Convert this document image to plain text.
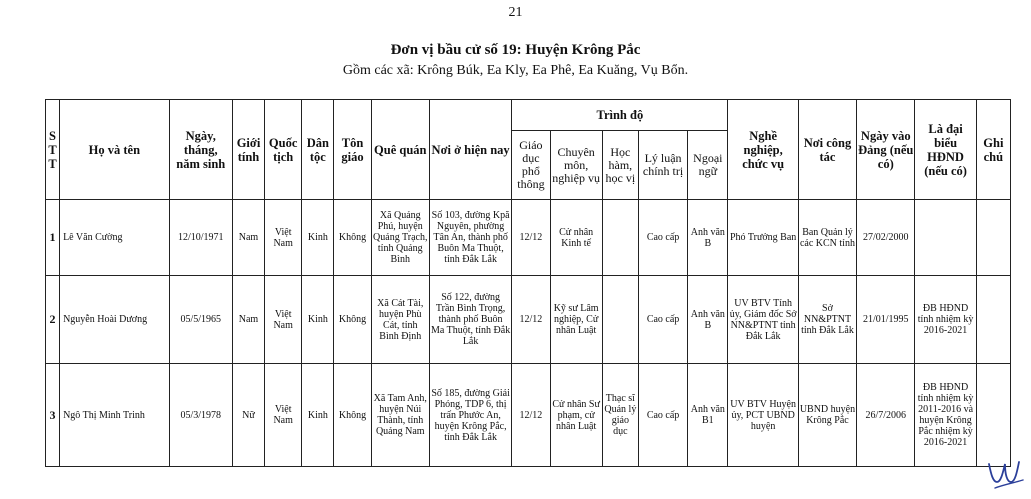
21
Đơn vị bầu cử số 19: Huyện Krông Pắc
Gồm các xã: Krông Búk, Ea Kly, Ea Phê, Ea Kuăng, Vụ Bổn.
STT	Họ và tên	Ngày, tháng, năm sinh	Giới tính	Quốc tịch	Dân tộc	Tôn giáo	Quê quán	Nơi ở hiện nay	Trình độ					Nghề nghiệp, chức vụ	Nơi công tác	Ngày vào Đảng (nếu có)	Là đại biểu HĐND (nếu có)	Ghi chú
									Giáo dục phổ thông	Chuyên môn, nghiệp vụ	Học hàm, học vị	Lý luận chính trị	Ngoại ngữ					
1	Lê Văn Cường	12/10/1971	Nam	Việt Nam	Kinh	Không	Xã Quảng Phú, huyện Quảng Trạch, tỉnh Quảng Bình	Số 103, đường Kpă Nguyên, phường Tân An, thành phố Buôn Ma Thuột, tỉnh Đắk Lắk	12/12	Cử nhân Kinh tế		Cao cấp	Anh văn B	Phó Trưởng Ban	Ban Quản lý các KCN tỉnh	27/02/2000		
2	Nguyễn Hoài Dương	05/5/1965	Nam	Việt Nam	Kinh	Không	Xã Cát Tài, huyện Phù Cát, tỉnh Bình Định	Số 122, đường Trần Bình Trọng, thành phố Buôn Ma Thuột, tỉnh Đắk Lắk	12/12	Kỹ sư Lâm nghiệp, Cử nhân Luật		Cao cấp	Anh văn B	UV BTV Tỉnh ủy, Giám đốc Sở NN&PTNT tỉnh Đắk Lắk	Sở NN&PTNT tỉnh Đắk Lắk	21/01/1995	ĐB HĐND tỉnh nhiệm kỳ 2016-2021	
3	Ngô Thị Minh Trinh	05/3/1978	Nữ	Việt Nam	Kinh	Không	Xã Tam Anh, huyện Núi Thành, tỉnh Quảng Nam	Số 185, đường Giải Phóng, TDP 6, thị trấn Phước An, huyện Krông Pắc, tỉnh Đắk Lắk	12/12	Cử nhân Sư phạm, cử nhân Luật	Thạc sĩ Quản lý giáo dục	Cao cấp	Anh văn B1	UV BTV Huyện ủy, PCT UBND huyện	UBND huyện Krông Pắc	26/7/2006	ĐB HĐND tỉnh nhiệm kỳ 2011-2016 và huyện Krông Pắc nhiệm kỳ 2016-2021	
